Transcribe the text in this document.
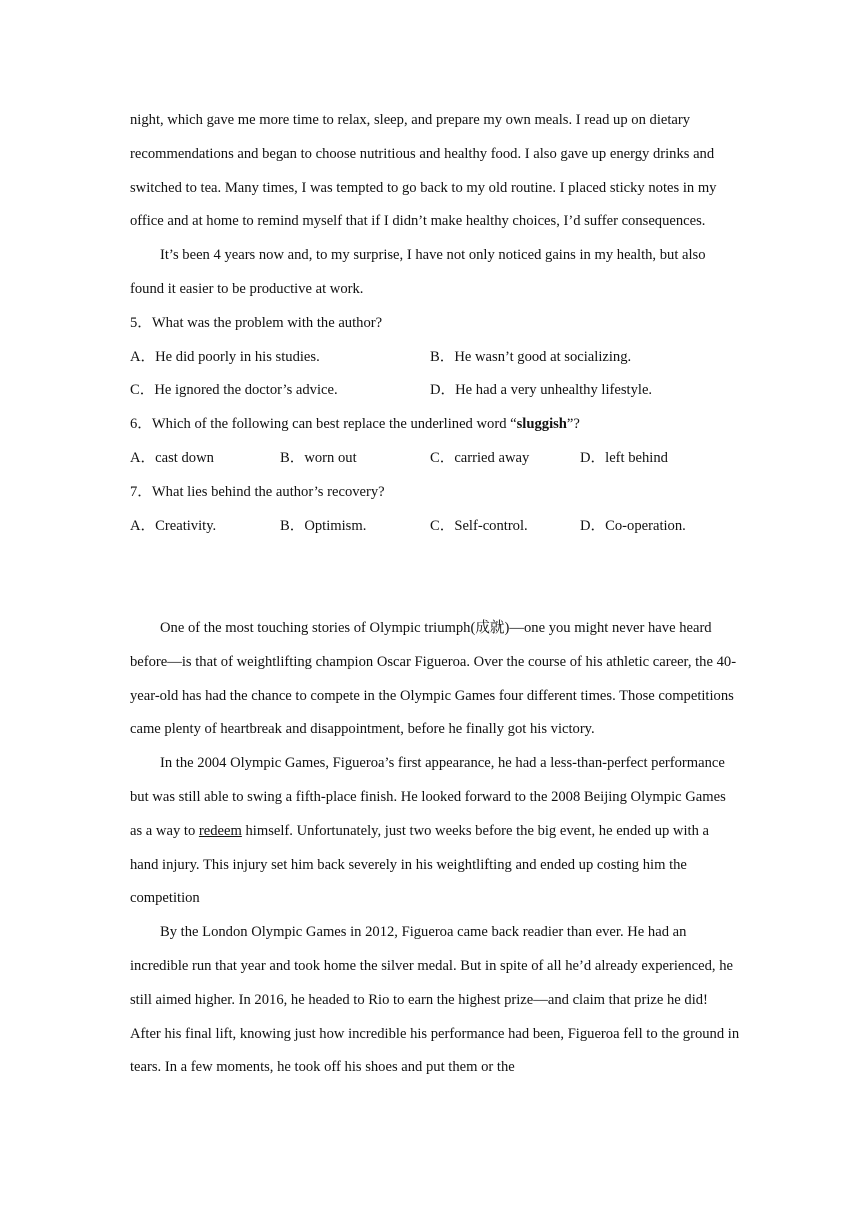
night, which gave me more time to relax, sleep, and prepare my own meals. I read up on dietary recommendations and began to choose nutritious and healthy food. I also gave up energy drinks and switched to tea. Many times, I was tempted to go back to my old routine. I placed sticky notes in my office and at home to remind myself that if I didn’t make healthy choices, I’d suffer consequences.

It’s been 4 years now and, to my surprise, I have not only noticed gains in my health, but also found it easier to be productive at work.

5．What was the problem with the author?
A．He did poorly in his studies.	B．He wasn’t good at socializing.
C．He ignored the doctor’s advice.	D．He had a very unhealthy lifestyle.
6．Which of the following can best replace the underlined word “sluggish”?
A．cast down	B．worn out	C．carried away	D．left behind
7．What lies behind the author’s recovery?
A．Creativity.	B．Optimism.	C．Self-control.	D．Co-operation.

One of the most touching stories of Olympic triumph(成就)—one you might never have heard before—is that of weightlifting champion Oscar Figueroa. Over the course of his athletic career, the 40-year-old has had the chance to compete in the Olympic Games four different times. Those competitions came plenty of heartbreak and disappointment, before he finally got his victory.

In the 2004 Olympic Games, Figueroa’s first appearance, he had a less-than-perfect performance but was still able to swing a fifth-place finish. He looked forward to the 2008 Beijing Olympic Games as a way to redeem himself. Unfortunately, just two weeks before the big event, he ended up with a hand injury. This injury set him back severely in his weightlifting and ended up costing him the competition

By the London Olympic Games in 2012, Figueroa came back readier than ever. He had an incredible run that year and took home the silver medal. But in spite of all he’d already experienced, he still aimed higher. In 2016, he headed to Rio to earn the highest prize—and claim that prize he did! After his final lift, knowing just how incredible his performance had been, Figueroa fell to the ground in tears. In a few moments, he took off his shoes and put them or the
